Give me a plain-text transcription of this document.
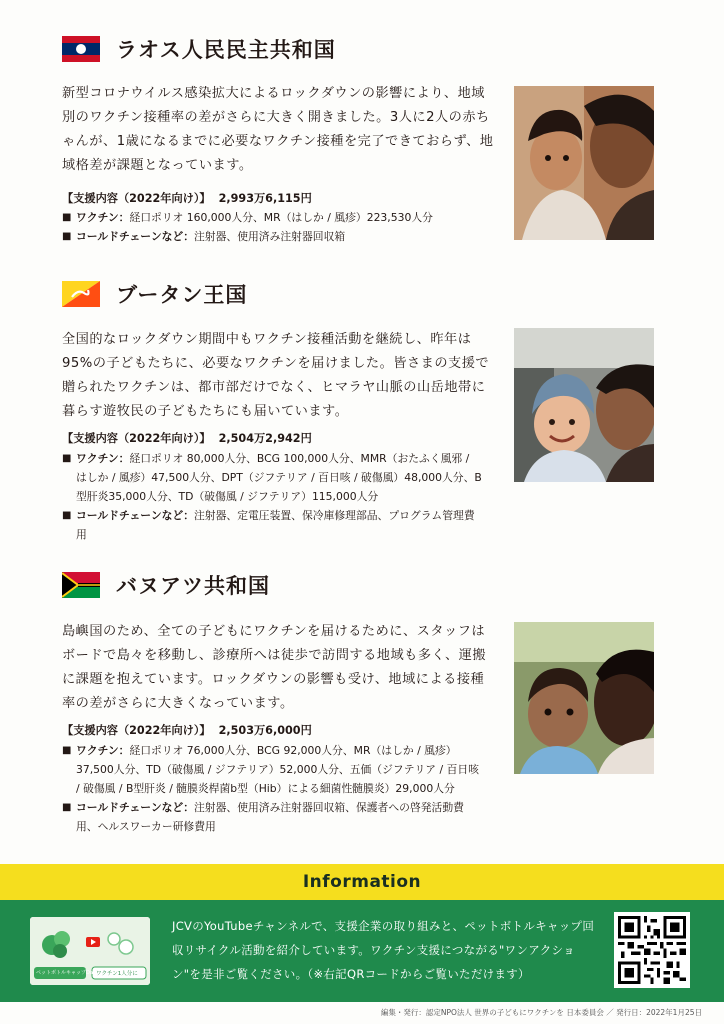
ラオス人民民主共和国
新型コロナウイルス感染拡大によるロックダウンの影響により、地域別のワクチン接種率の差がさらに大きく開きました。3人に2人の赤ちゃんが、1歳になるまでに必要なワクチン接種を完了できておらず、地域格差が課題となっています。
【支援内容（2022年向け）】 2,993万6,115円
■ ワクチン：経口ポリオ 160,000人分、MR（はしか / 風疹）223,530人分
■ コールドチェーンなど：注射器、使用済み注射器回収箱
ブータン王国
全国的なロックダウン期間中もワクチン接種活動を継続し、昨年は95%の子どもたちに、必要なワクチンを届けました。皆さまの支援で贈られたワクチンは、都市部だけでなく、ヒマラヤ山脈の山岳地帯に暮らす遊牧民の子どもたちにも届いています。
【支援内容（2022年向け）】 2,504万2,942円
■ ワクチン：経口ポリオ 80,000人分、BCG 100,000人分、MMR（おたふく風邪 / はしか / 風疹）47,500人分、DPT（ジフテリア / 百日咳 / 破傷風）48,000人分、B型肝炎35,000人分、TD（破傷風 / ジフテリア）115,000人分
■ コールドチェーンなど：注射器、定電圧装置、保冷庫修理部品、プログラム管理費用
バヌアツ共和国
島嶼国のため、全ての子どもにワクチンを届けるために、スタッフはボードで島々を移動し、診療所へは徒歩で訪問する地域も多く、運搬に課題を抱えています。ロックダウンの影響も受け、地域による接種率の差がさらに大きくなっています。
【支援内容（2022年向け）】 2,503万6,000円
■ ワクチン：経口ポリオ 76,000人分、BCG 92,000人分、MR（はしか / 風疹）37,500人分、TD（破傷風 / ジフテリア）52,000人分、五価（ジフテリア / 百日咳 / 破傷風 / B型肝炎 / 髄膜炎桿菌b型（Hib）による細菌性髄膜炎）29,000人分
■ コールドチェーンなど：注射器、使用済み注射器回収箱、保護者への啓発活動費用、ヘルスワーカー研修費用
Information
ペットボトルキャップDay!!
ワクチン1人分に
JCVのYouTubeチャンネルで、支援企業の取り組みと、ペットボトルキャップ回収リサイクル活動を紹介しています。ワクチン支援につながる"ワンアクション"を是非ご覧ください。（※右記QRコードからご覧いただけます）
編集・発行：認定NPO法人 世界の子どもにワクチンを 日本委員会 ／ 発行日：2022年1月25日
